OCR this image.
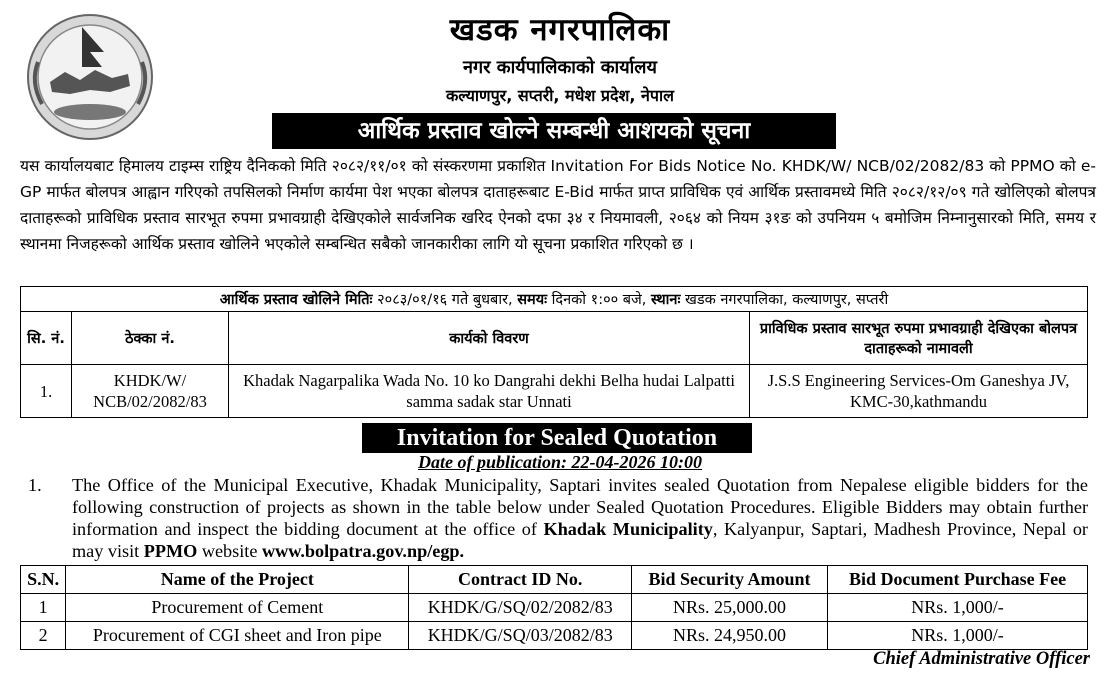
खडक नगरपालिका
नगर कार्यपालिकाको कार्यालय
कल्याणपुर, सप्तरी, मधेश प्रदेश, नेपाल
आर्थिक प्रस्ताव खोल्ने सम्बन्धी आशयको सूचना
यस कार्यालयबाट हिमालय टाइम्स राष्ट्रिय दैनिकको मिति २०८२/११/०१ को संस्करणमा प्रकाशित Invitation For Bids Notice No. KHDK/W/ NCB/02/2082/83 को PPMO को e-GP मार्फत बोलपत्र आह्वान गरिएको तपसिलको निर्माण कार्यमा पेश भएका बोलपत्र दाताहरूबाट E-Bid मार्फत प्राप्त प्राविधिक एवं आर्थिक प्रस्तावमध्ये मिति २०८२/१२/०९ गते खोलिएको बोलपत्र दाताहरूको प्राविधिक प्रस्ताव सारभूत रुपमा प्रभावग्राही देखिएकोले सार्वजनिक खरिद ऐनको दफा ३४ र नियमावली, २०६४ को नियम ३१ङ को उपनियम ५ बमोजिम निम्नानुसारको मिति, समय र स्थानमा निजहरूको आर्थिक प्रस्ताव खोलिने भएकोले सम्बन्धित सबैको जानकारीका लागि यो सूचना प्रकाशित गरिएको छ ।
आर्थिक प्रस्ताव खोलिने मितिः २०८३/०१/१६ गते बुधबार, समयः दिनको १:०० बजे, स्थानः खडक नगरपालिका, कल्याणपुर, सप्तरी			
सि. नं.	ठेक्का नं.	कार्यको विवरण	प्राविधिक प्रस्ताव सारभूत रुपमा प्रभावग्राही देखिएका बोलपत्र दाताहरूको नामावली
1.	KHDK/W/ NCB/02/2082/83	Khadak Nagarpalika Wada No. 10 ko Dangrahi dekhi Belha hudai Lalpatti samma sadak star Unnati	J.S.S Engineering Services-Om Ganeshya JV, KMC-30,kathmandu
Invitation for Sealed Quotation
Date of publication: 22-04-2026 10:00
1. The Office of the Municipal Executive, Khadak Municipality, Saptari invites sealed Quotation from Nepalese eligible bidders for the following construction of projects as shown in the table below under Sealed Quotation Procedures. Eligible Bidders may obtain further information and inspect the bidding document at the office of Khadak Municipality, Kalyanpur, Saptari, Madhesh Province, Nepal or may visit PPMO website www.bolpatra.gov.np/egp.
S.N.	Name of the Project	Contract ID No.	Bid Security Amount	Bid Document Purchase Fee
1	Procurement of Cement	KHDK/G/SQ/02/2082/83	NRs. 25,000.00	NRs. 1,000/-
2	Procurement of CGI sheet and Iron pipe	KHDK/G/SQ/03/2082/83	NRs. 24,950.00	NRs. 1,000/-
Chief Administrative Officer
